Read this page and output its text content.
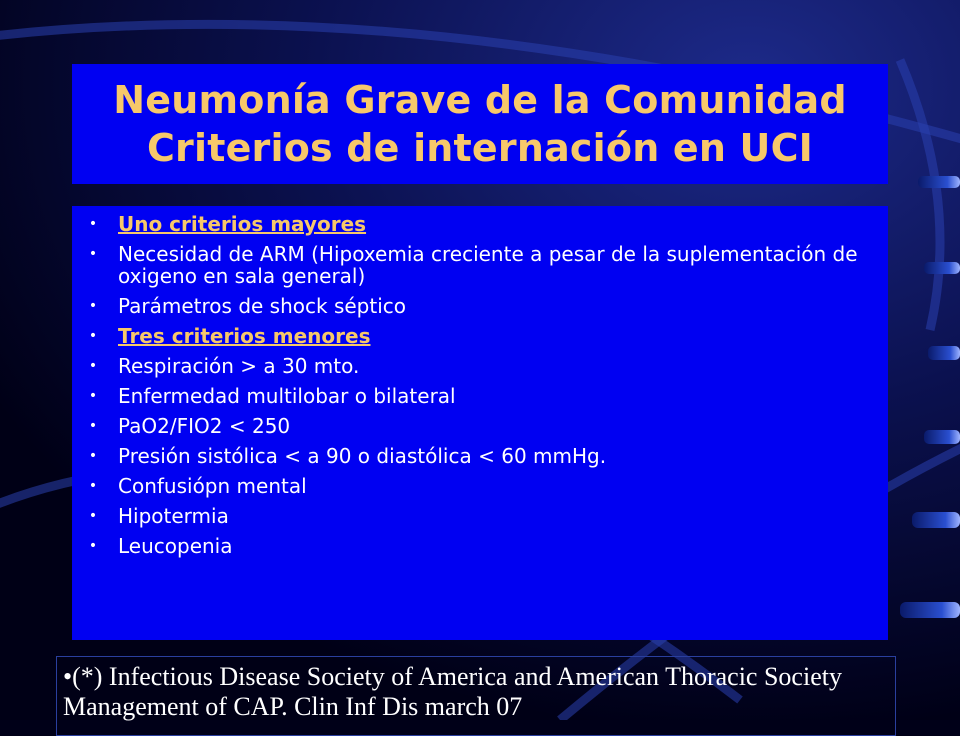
Neumonía Grave de la Comunidad
Criterios de internación en UCI
• Uno criterios mayores
• Necesidad de ARM (Hipoxemia creciente a pesar de la suplementación de oxigeno en sala general)
• Parámetros de shock séptico
• Tres criterios menores
• Respiración > a 30 mto.
• Enfermedad multilobar o bilateral
• PaO2/FIO2 < 250
• Presión sistólica < a 90 o diastólica < 60 mmHg.
• Confusiópn mental
• Hipotermia
• Leucopenia
•(*) Infectious Disease Society of America and American Thoracic Society Management of CAP. Clin Inf Dis march 07
